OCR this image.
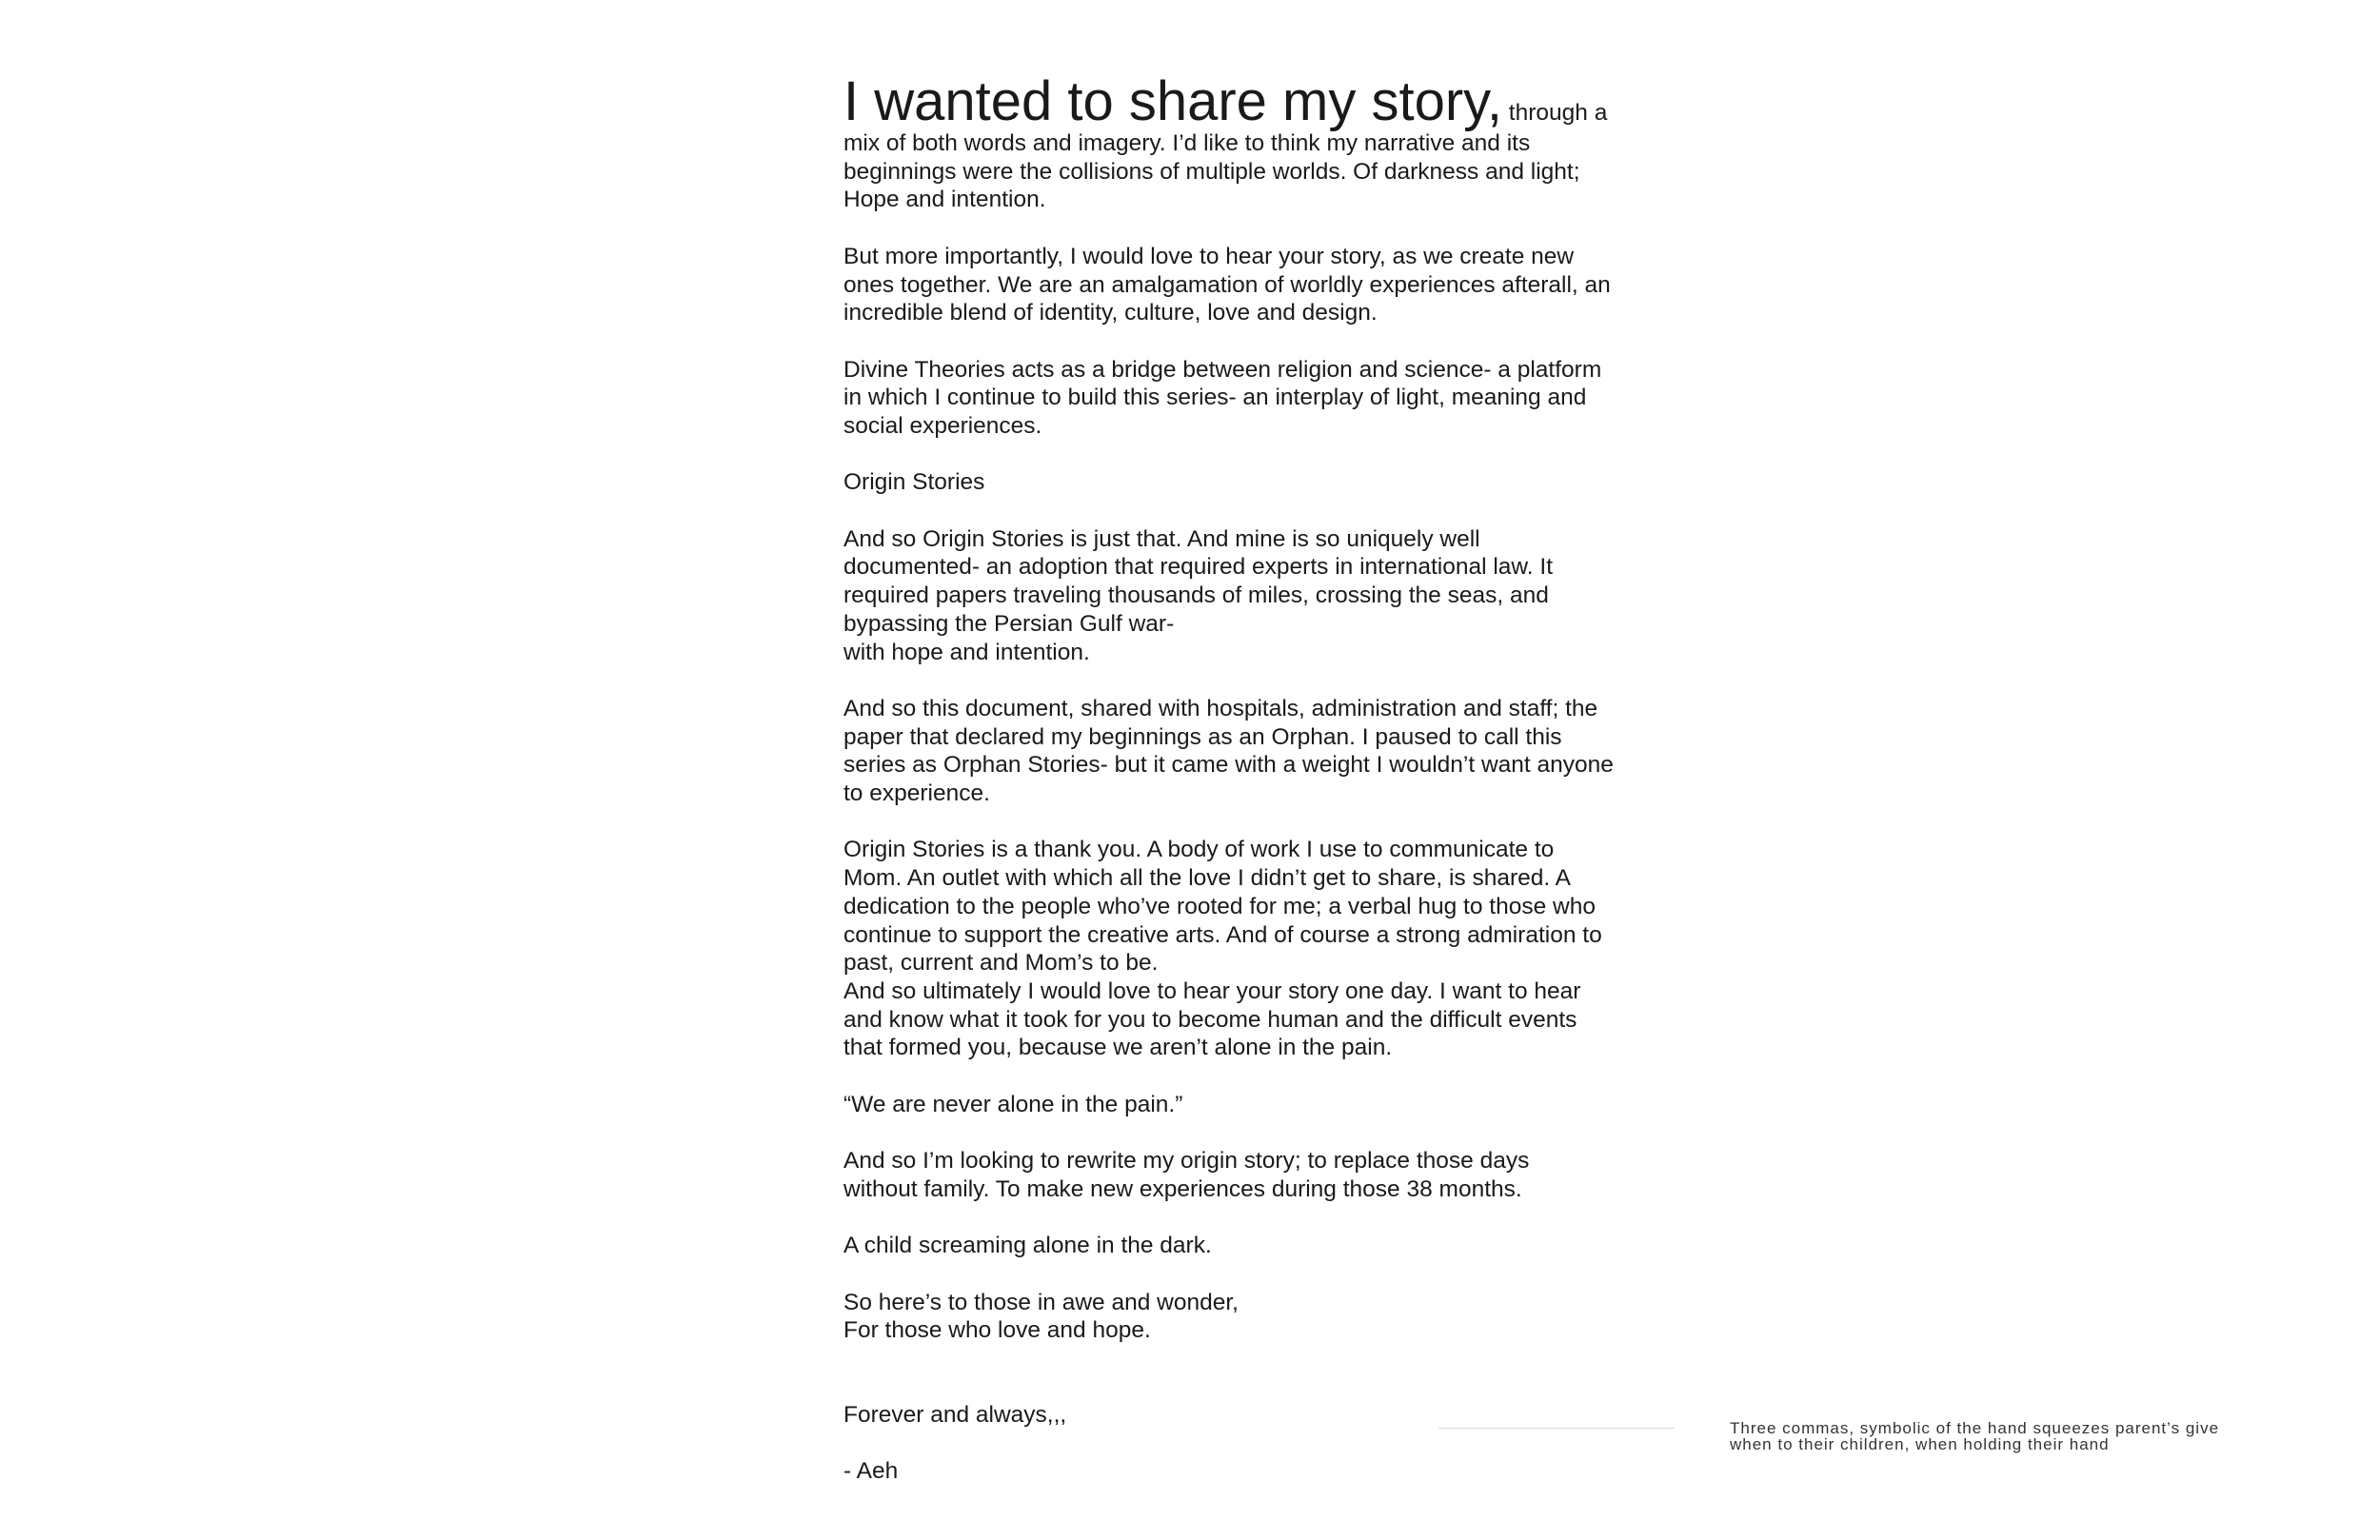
I wanted to share my story, through a
mix of both words and imagery. I’d like to think my narrative and its
beginnings were the collisions of multiple worlds. Of darkness and light;
Hope and intention.

But more importantly, I would love to hear your story, as we create new
ones together. We are an amalgamation of worldly experiences afterall, an
incredible blend of identity, culture, love and design.

Divine Theories acts as a bridge between religion and science- a platform
in which I continue to build this series- an interplay of light, meaning and
social experiences.

Origin Stories

And so Origin Stories is just that. And mine is so uniquely well
documented- an adoption that required experts in international law. It
required papers traveling thousands of miles, crossing the seas, and
bypassing the Persian Gulf war-
with hope and intention.

And so this document, shared with hospitals, administration and staff; the
paper that declared my beginnings as an Orphan. I paused to call this
series as Orphan Stories- but it came with a weight I wouldn’t want anyone
to experience.

Origin Stories is a thank you. A body of work I use to communicate to
Mom. An outlet with which all the love I didn’t get to share, is shared. A
dedication to the people who’ve rooted for me; a verbal hug to those who
continue to support the creative arts. And of course a strong admiration to
past, current and Mom’s to be.
And so ultimately I would love to hear your story one day. I want to hear
and know what it took for you to become human and the difficult events
that formed you, because we aren’t alone in the pain.

“We are never alone in the pain.”

And so I’m looking to rewrite my origin story; to replace those days
without family. To make new experiences during those 38 months.

A child screaming alone in the dark.

So here’s to those in awe and wonder,
For those who love and hope.

Forever and always,,,

- Aeh

Three commas, symbolic of the hand squeezes parent’s give
when to their children, when holding their hand
